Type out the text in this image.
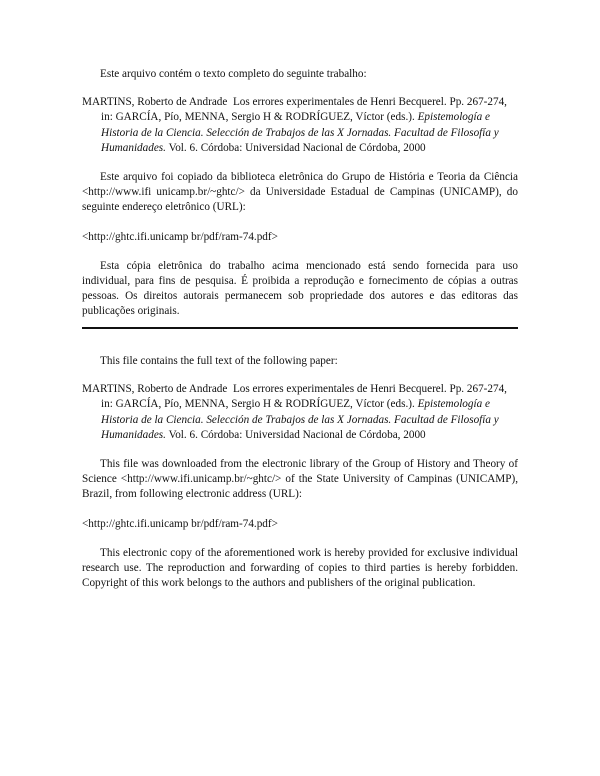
Este arquivo contém o texto completo do seguinte trabalho:

MARTINS, Roberto de Andrade Los errores experimentales de Henri Becquerel. Pp. 267-274, in: GARCÍA, Pío, MENNA, Sergio H & RODRÍGUEZ, Víctor (eds.). Epistemología e Historia de la Ciencia. Selección de Trabajos de las X Jornadas. Facultad de Filosofía y Humanidades. Vol. 6. Córdoba: Universidad Nacional de Córdoba, 2000

Este arquivo foi copiado da biblioteca eletrônica do Grupo de História e Teoria da Ciência <http://www.ifi unicamp.br/~ghtc/> da Universidade Estadual de Campinas (UNICAMP), do seguinte endereço eletrônico (URL):

<http://ghtc.ifi.unicamp br/pdf/ram-74.pdf>

Esta cópia eletrônica do trabalho acima mencionado está sendo fornecida para uso individual, para fins de pesquisa. É proibida a reprodução e fornecimento de cópias a outras pessoas. Os direitos autorais permanecem sob propriedade dos autores e das editoras das publicações originais.

This file contains the full text of the following paper:

MARTINS, Roberto de Andrade Los errores experimentales de Henri Becquerel. Pp. 267-274, in: GARCÍA, Pío, MENNA, Sergio H & RODRÍGUEZ, Víctor (eds.). Epistemología e Historia de la Ciencia. Selección de Trabajos de las X Jornadas. Facultad de Filosofía y Humanidades. Vol. 6. Córdoba: Universidad Nacional de Córdoba, 2000

This file was downloaded from the electronic library of the Group of History and Theory of Science <http://www.ifi.unicamp.br/~ghtc/> of the State University of Campinas (UNICAMP), Brazil, from following electronic address (URL):

<http://ghtc.ifi.unicamp br/pdf/ram-74.pdf>

This electronic copy of the aforementioned work is hereby provided for exclusive individual research use. The reproduction and forwarding of copies to third parties is hereby forbidden. Copyright of this work belongs to the authors and publishers of the original publication.
